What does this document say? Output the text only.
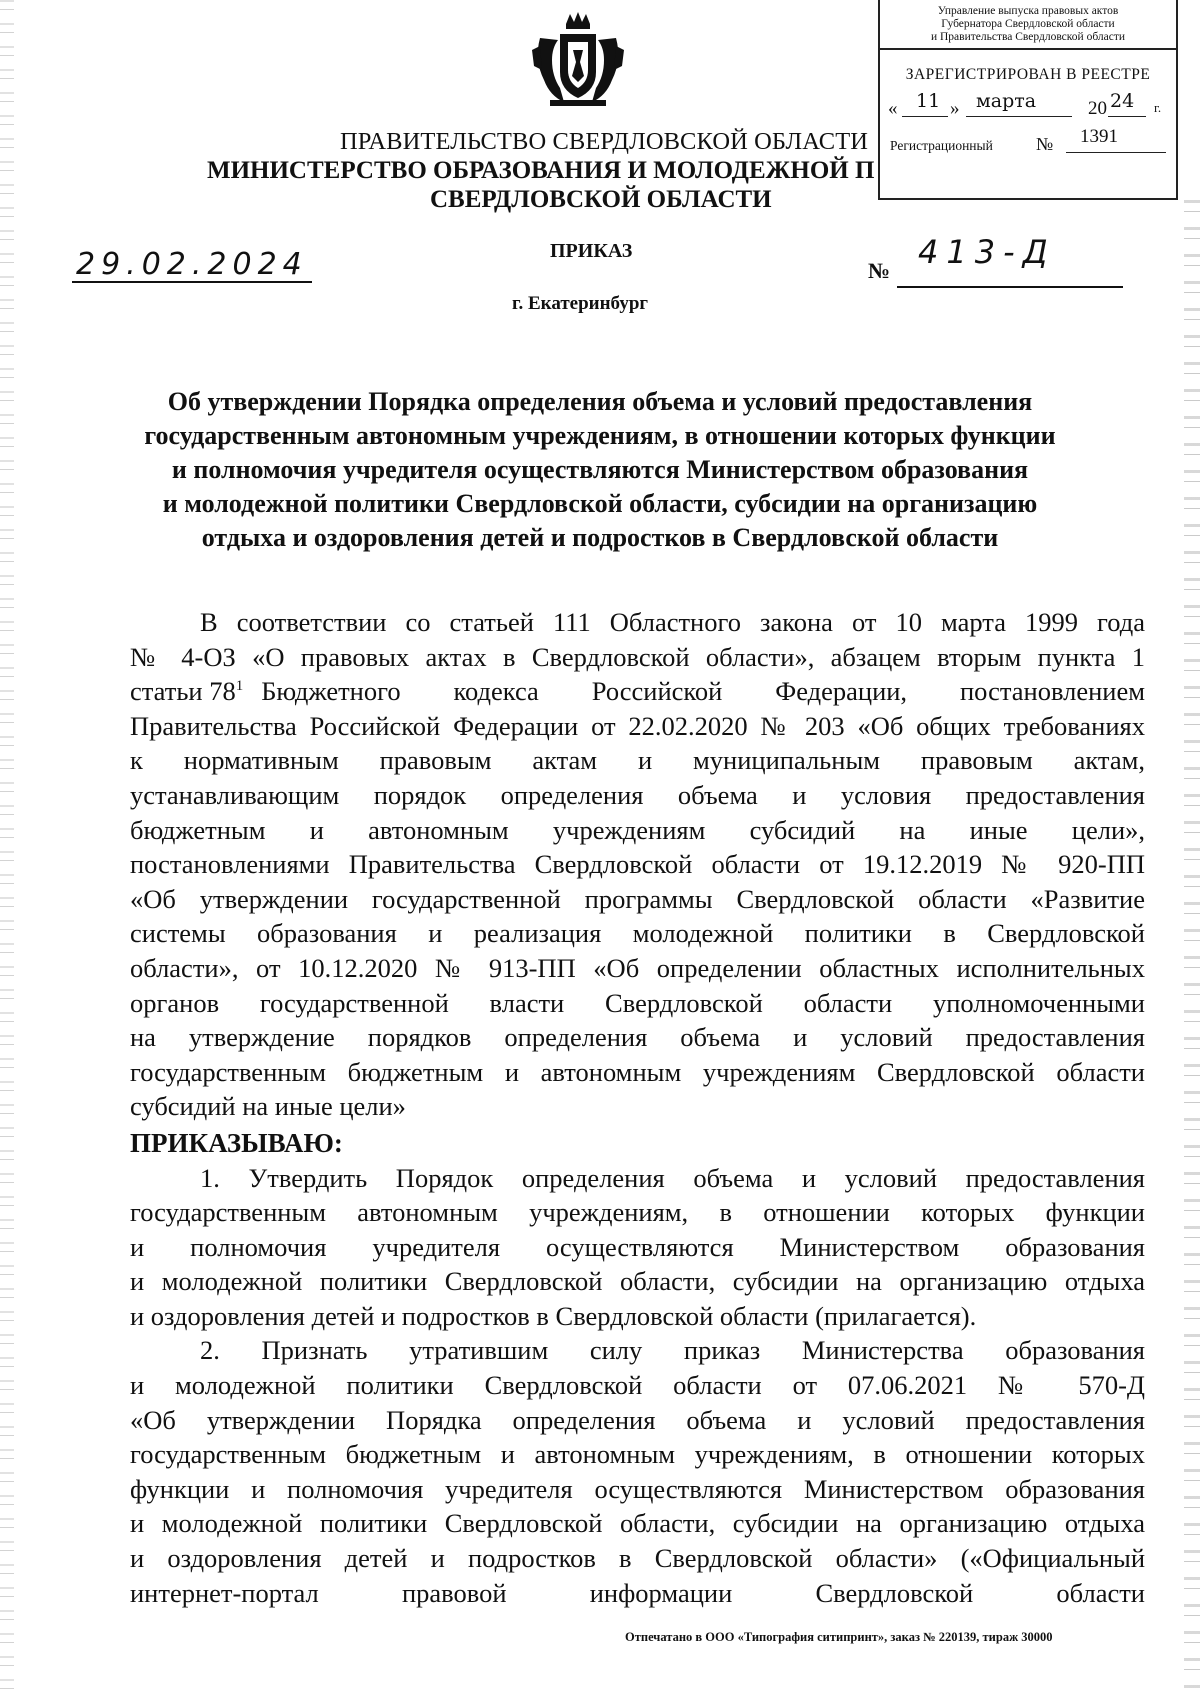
Управление выпуска правовых актов
Губернатора Свердловской области
и Правительства Свердловской области
ЗАРЕГИСТРИРОВАН В РЕЕСТРЕ
« 11 » марта	20 24 г.
Регистрационный № 1391
ПРАВИТЕЛЬСТВО СВЕРДЛОВСКОЙ ОБЛАСТИ
МИНИСТЕРСТВО ОБРАЗОВАНИЯ И МОЛОДЕЖНОЙ П
СВЕРДЛОВСКОЙ ОБЛАСТИ
29.02.2024	ПРИКАЗ
№ 413-Д
г. Екатеринбург
Об утверждении Порядка определения объема и условий предоставления
государственным автономным учреждениям, в отношении которых функции
и полномочия учредителя осуществляются Министерством образования
и молодежной политики Свердловской области, субсидии на организацию
отдыха и оздоровления детей и подростков в Свердловской области
В соответствии со статьей 111 Областного закона от 10 марта 1999 года
№ 4-ОЗ «О правовых актах в Свердловской области», абзацем вторым пункта 1
статьи $78^1$ Бюджетного кодекса Российской Федерации, постановлением
Правительства Российской Федерации от 22.02.2020 № 203 «Об общих требованиях
к нормативным правовым актам и муниципальным правовым актам,
устанавливающим порядок определения объема и условия предоставления
бюджетным и автономным учреждениям субсидий на иные цели»,
постановлениями Правительства Свердловской области от 19.12.2019 № 920-ПП
«Об утверждении государственной программы Свердловской области «Развитие
системы образования и реализация молодежной политики в Свердловской
области», от 10.12.2020 № 913-ПП «Об определении областных исполнительных
органов государственной власти Свердловской области уполномоченными
на утверждение порядков определения объема и условий предоставления
государственным бюджетным и автономным учреждениям Свердловской области
субсидий на иные цели»
ПРИКАЗЫВАЮ:
1. Утвердить Порядок определения объема и условий предоставления
государственным автономным учреждениям, в отношении которых функции
и полномочия учредителя осуществляются Министерством образования
и молодежной политики Свердловской области, субсидии на организацию отдыха
и оздоровления детей и подростков в Свердловской области (прилагается).
2. Признать утратившим силу приказ Министерства образования
и молодежной политики Свердловской области от 07.06.2021 № 570-Д
«Об утверждении Порядка определения объема и условий предоставления
государственным бюджетным и автономным учреждениям, в отношении которых
функции и полномочия учредителя осуществляются Министерством образования
и молодежной политики Свердловской области, субсидии на организацию отдыха
и оздоровления детей и подростков в Свердловской области» («Официальный
интернет-портал правовой информации Свердловской области
Отпечатано в ООО «Типография ситипринт», заказ № 220139, тираж 30000
